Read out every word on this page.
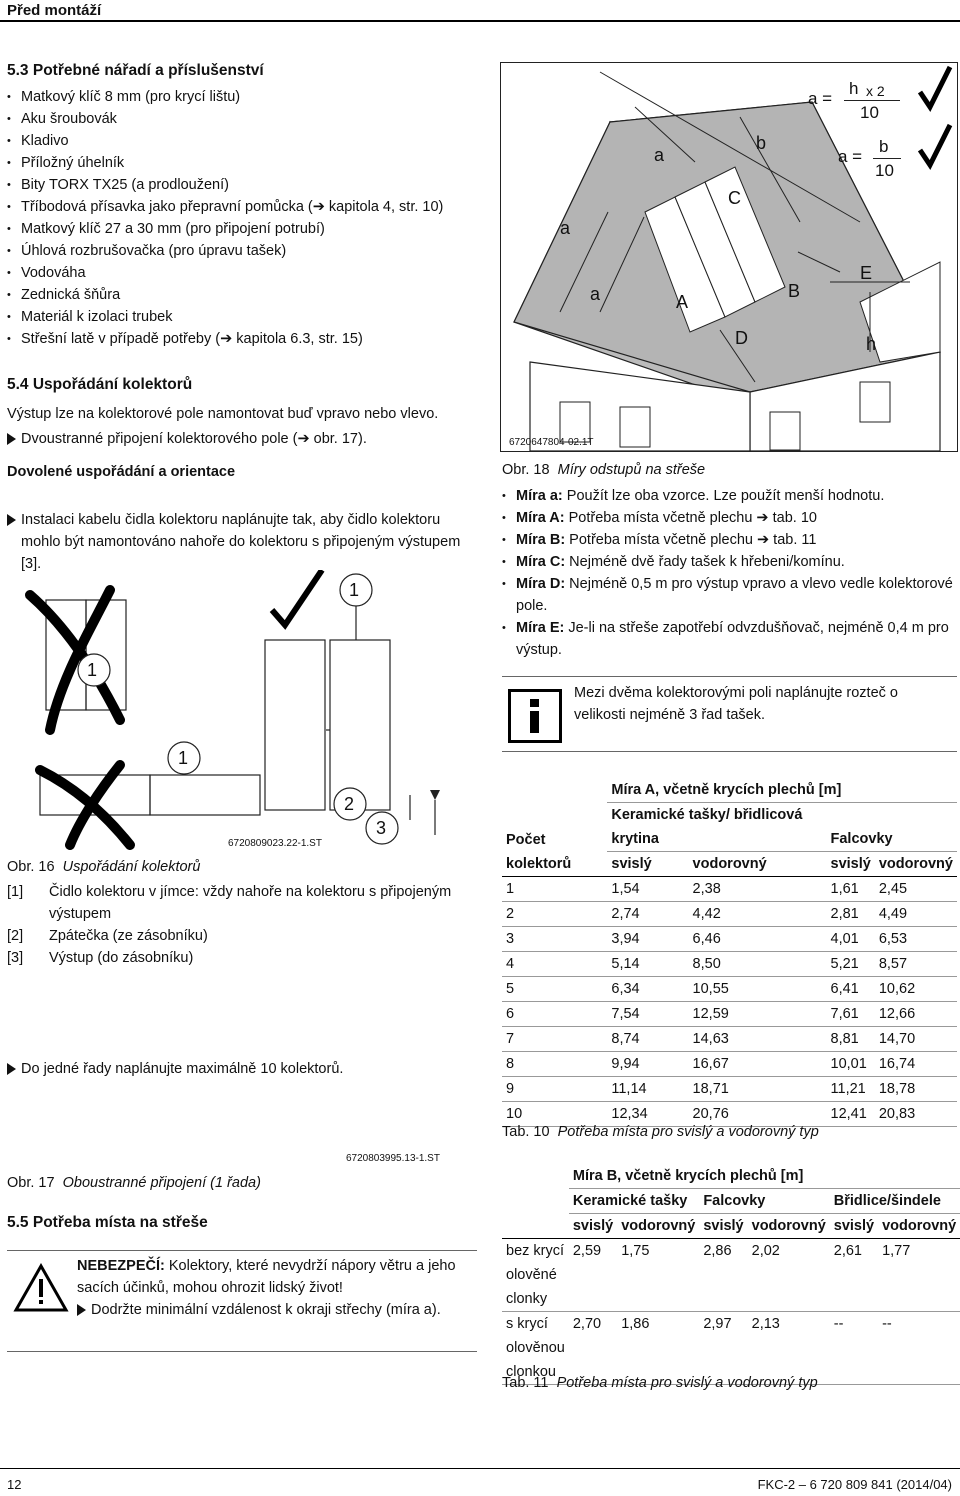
Před montáží
5.3 Potřebné nářadí a příslušenství
• Matkový klíč 8 mm (pro krycí lištu)
• Aku šroubovák
• Kladivo
• Příložný úhelník
• Bity TORX TX25 (a prodloužení)
• Tříbodová přísavka jako přepravní pomůcka (➔ kapitola 4, str. 10)
• Matkový klíč 27 a 30 mm (pro připojení potrubí)
• Úhlová rozbrušovačka (pro úpravu tašek)
• Vodováha
• Zednická šňůra
• Materiál k izolaci trubek
• Střešní latě v případě potřeby (➔ kapitola 6.3, str. 15)
5.4 Uspořádání kolektorů
Výstup lze na kolektorové pole namontovat buď vpravo nebo vlevo.
Dvoustranné připojení kolektorového pole (➔ obr. 17).
Dovolené uspořádání a orientace
Instalaci kabelu čidla kolektoru naplánujte tak, aby čidlo kolektoru mohlo být namontováno nahoře do kolektoru s připojeným výstupem [3].
1
1
1
2
3
6720809023.22-1.ST
Obr. 16 Uspořádání kolektorů
[1]	Čidlo kolektoru v jímce: vždy nahoře na kolektoru s připojeným výstupem
[2]	Zpátečka (ze zásobníku)
[3]	Výstup (do zásobníku)
Do jedné řady naplánujte maximálně 10 kolektorů.
6720803995.13-1.ST
Obr. 17 Oboustranné připojení (1 řada)
5.5 Potřeba místa na střeše
NEBEZPEČÍ: Kolektory, které nevydrží nápory větru a jeho sacích účinků, mohou ohrozit lidský život!
Dodržte minimální vzdálenost k okraji střechy (míra a).
a =
h x 2
10
a =
b
10
a
a
a
b
C
A
B
D
E
h
6720647804-02.1T
Obr. 18 Míry odstupů na střeše
• Míra a: Použít lze oba vzorce. Lze použít menší hodnotu.
• Míra A: Potřeba místa včetně plechu ➔ tab. 10
• Míra B: Potřeba místa včetně plechu ➔ tab. 11
• Míra C: Nejméně dvě řady tašek k hřebeni/komínu.
• Míra D: Nejméně 0,5 m pro výstup vpravo a vlevo vedle kolektorové pole.
• Míra E: Je-li na střeše zapotřebí odvzdušňovač, nejméně 0,4 m pro výstup.
Mezi dvěma kolektorovými poli naplánujte rozteč o velikosti nejméně 3 řad tašek.
	Míra A, včetně krycích plechů [m]			
Počet kolektorů	Keramické tašky/ břidlicová krytina		Falcovky	
	svislý	vodorovný	svislý	vodorovný
1	1,54	2,38	1,61	2,45
2	2,74	4,42	2,81	4,49
3	3,94	6,46	4,01	6,53
4	5,14	8,50	5,21	8,57
5	6,34	10,55	6,41	10,62
6	7,54	12,59	7,61	12,66
7	8,74	14,63	8,81	14,70
8	9,94	16,67	10,01	16,74
9	11,14	18,71	11,21	18,78
10	12,34	20,76	12,41	20,83
Tab. 10 Potřeba místa pro svislý a vodorovný typ
	Míra B, včetně krycích plechů [m]					
	Keramické tašky		Falcovky		Břidlice/šindele	
	svislý	vodorovný	svislý	vodorovný	svislý	vodorovný
bez krycí olověné clonky	2,59	1,75	2,86	2,02	2,61	1,77
s krycí olověnou clonkou	2,70	1,86	2,97	2,13	--	--
Tab. 11 Potřeba místa pro svislý a vodorovný typ
12	FKC-2 – 6 720 809 841 (2014/04)
